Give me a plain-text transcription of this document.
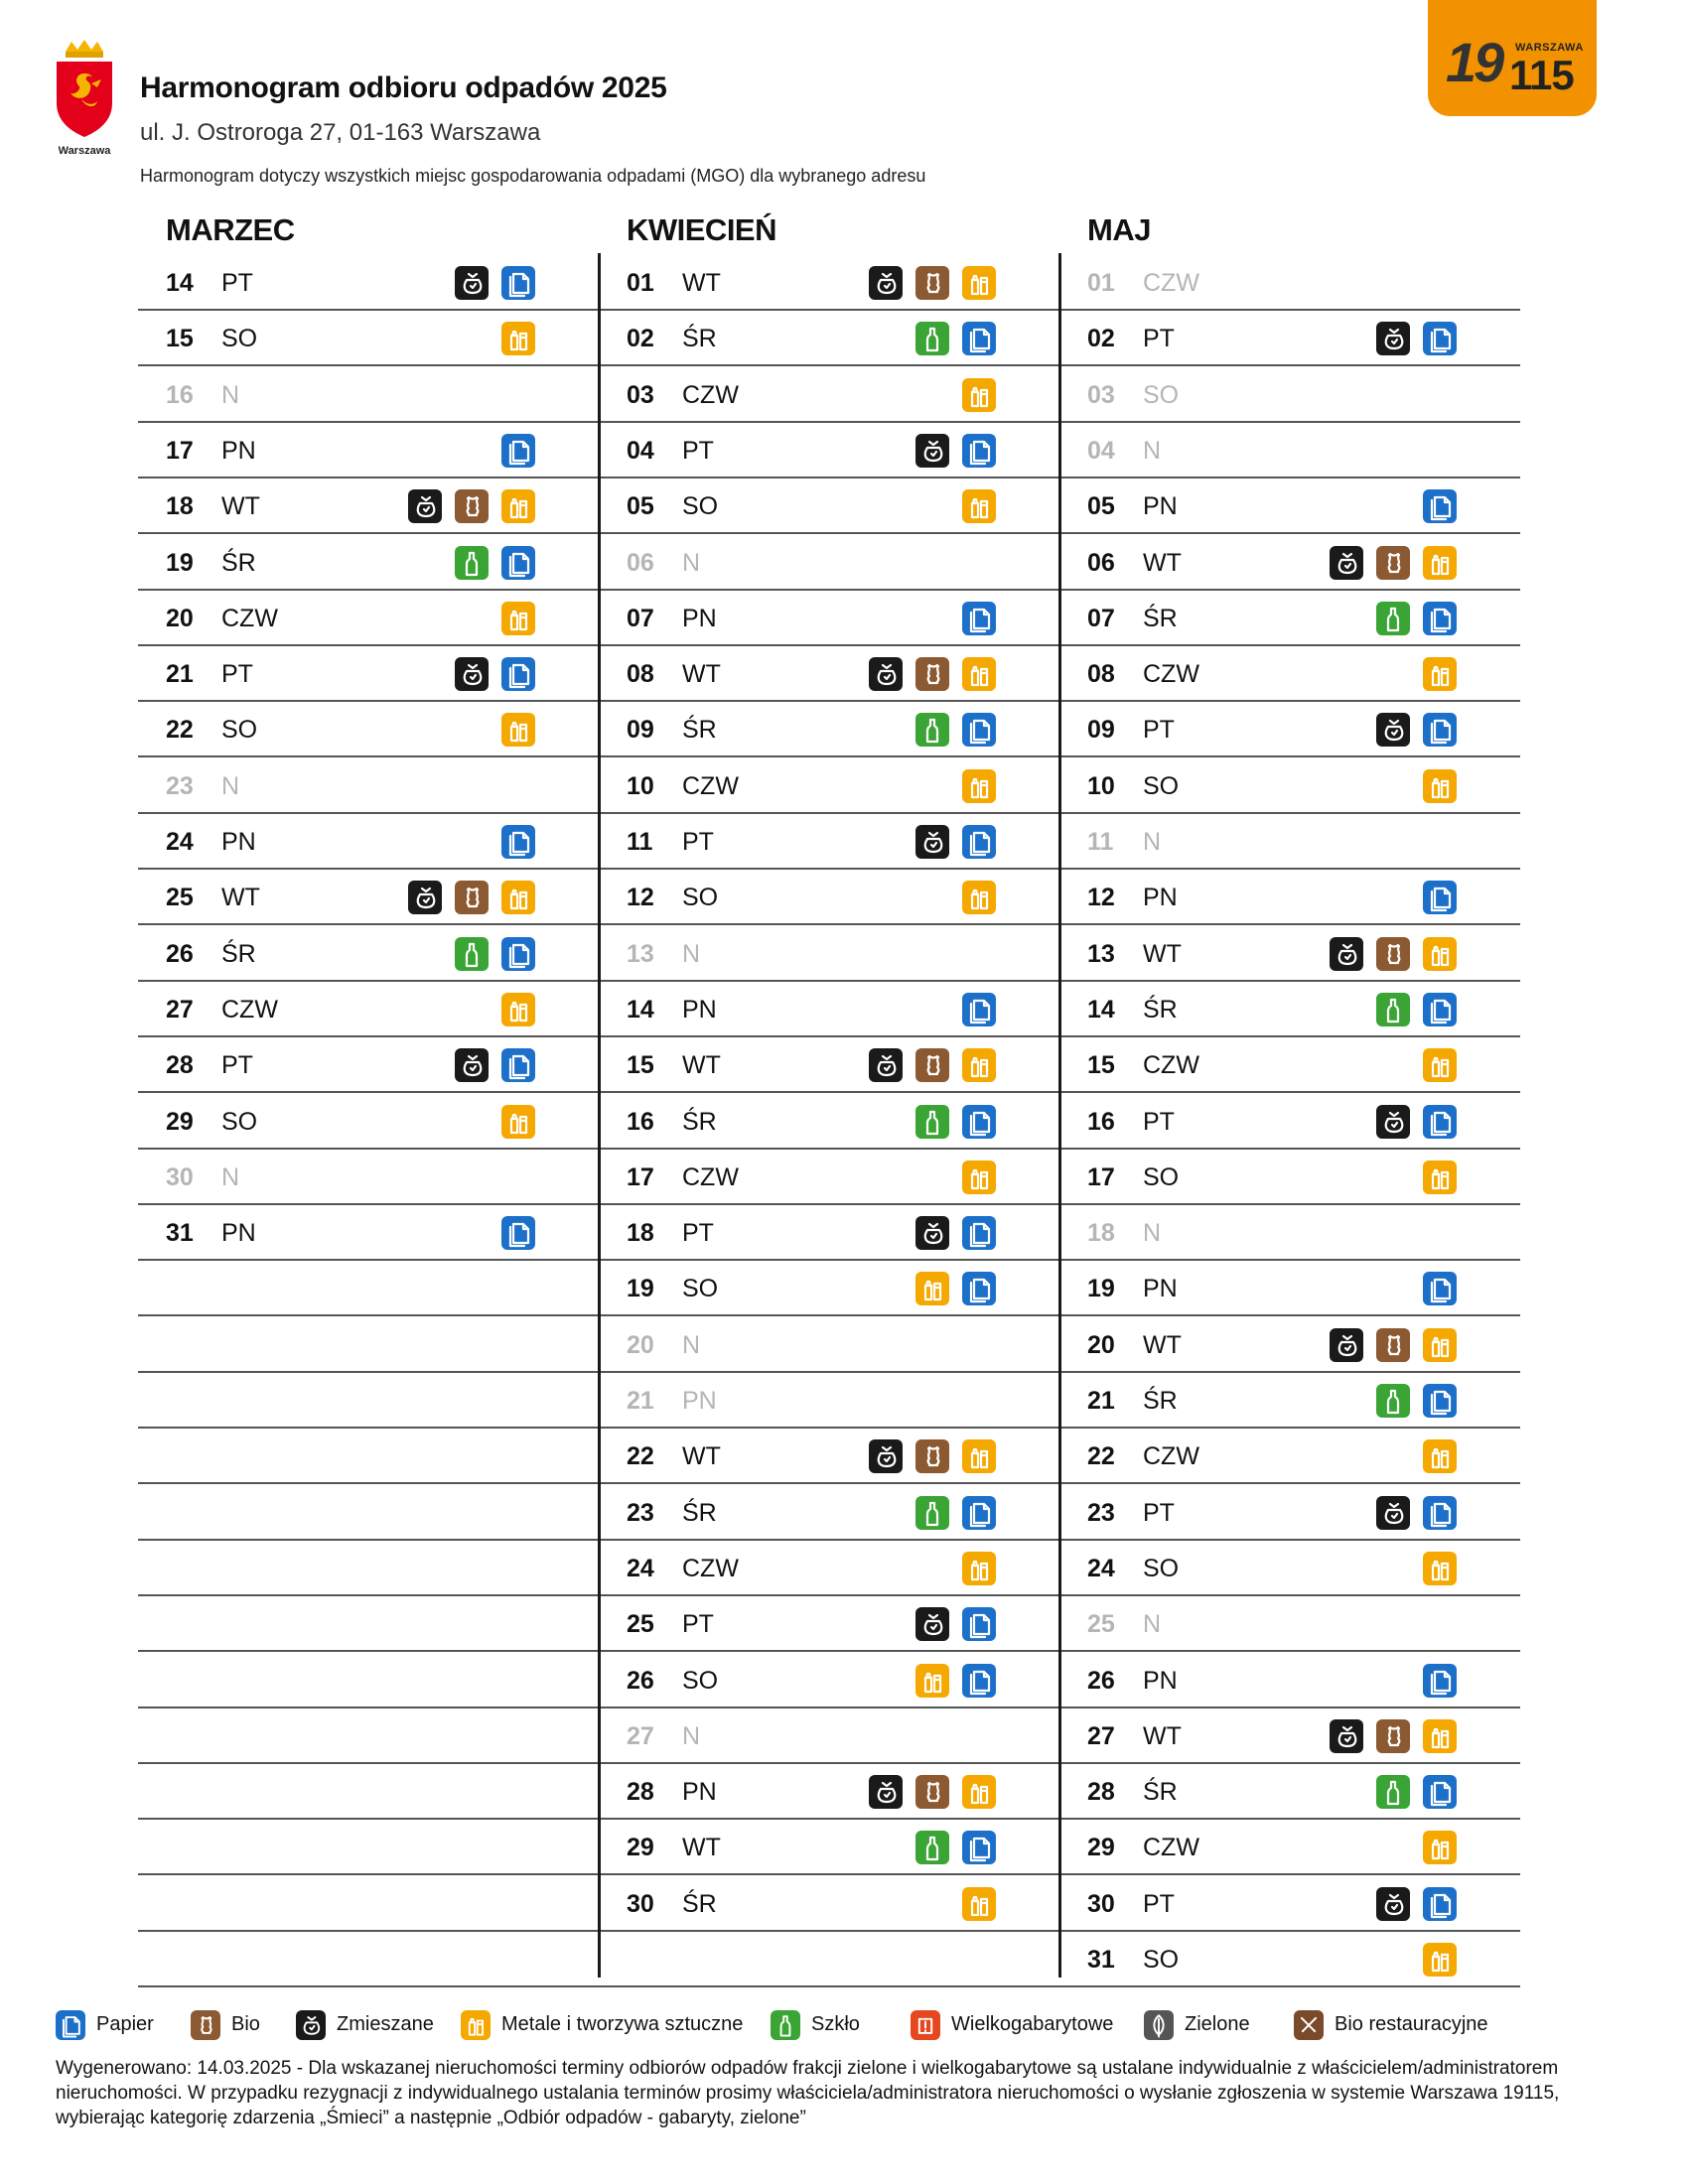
Warszawa
Harmonogram odbioru odpadów 2025
ul. J. Ostroroga 27, 01-163 Warszawa
Harmonogram dotyczy wszystkich miejsc gospodarowania odpadami (MGO) dla wybranego adresu
19 WARSZAWA
115
MARZEC
14 PT
15 SO
16 N
17 PN
18 WT
19 ŚR
20 CZW
21 PT
22 SO
23 N
24 PN
25 WT
26 ŚR
27 CZW
28 PT
29 SO
30 N
31 PN
KWIECIEŃ
01 WT
02 ŚR
03 CZW
04 PT
05 SO
06 N
07 PN
08 WT
09 ŚR
10 CZW
11 PT
12 SO
13 N
14 PN
15 WT
16 ŚR
17 CZW
18 PT
19 SO
20 N
21 PN
22 WT
23 ŚR
24 CZW
25 PT
26 SO
27 N
28 PN
29 WT
30 ŚR
MAJ
01 CZW
02 PT
03 SO
04 N
05 PN
06 WT
07 ŚR
08 CZW
09 PT
10 SO
11 N
12 PN
13 WT
14 ŚR
15 CZW
16 PT
17 SO
18 N
19 PN
20 WT
21 ŚR
22 CZW
23 PT
24 SO
25 N
26 PN
27 WT
28 ŚR
29 CZW
30 PT
31 SO
Papier	Bio	Zmieszane	Metale i tworzywa sztuczne	Szkło	Wielkogabarytowe	Zielone	Bio restauracyjne
Wygenerowano: 14.03.2025 - Dla wskazanej nieruchomości terminy odbiorów odpadów frakcji zielone i wielkogabarytowe są ustalane indywidualnie z właścicielem/administratorem nieruchomości. W przypadku rezygnacji z indywidualnego ustalania terminów prosimy właściciela/administratora nieruchomości o wysłanie zgłoszenia w systemie Warszawa 19115, wybierając kategorię zdarzenia „Śmieci” a następnie „Odbiór odpadów - gabaryty, zielone”
